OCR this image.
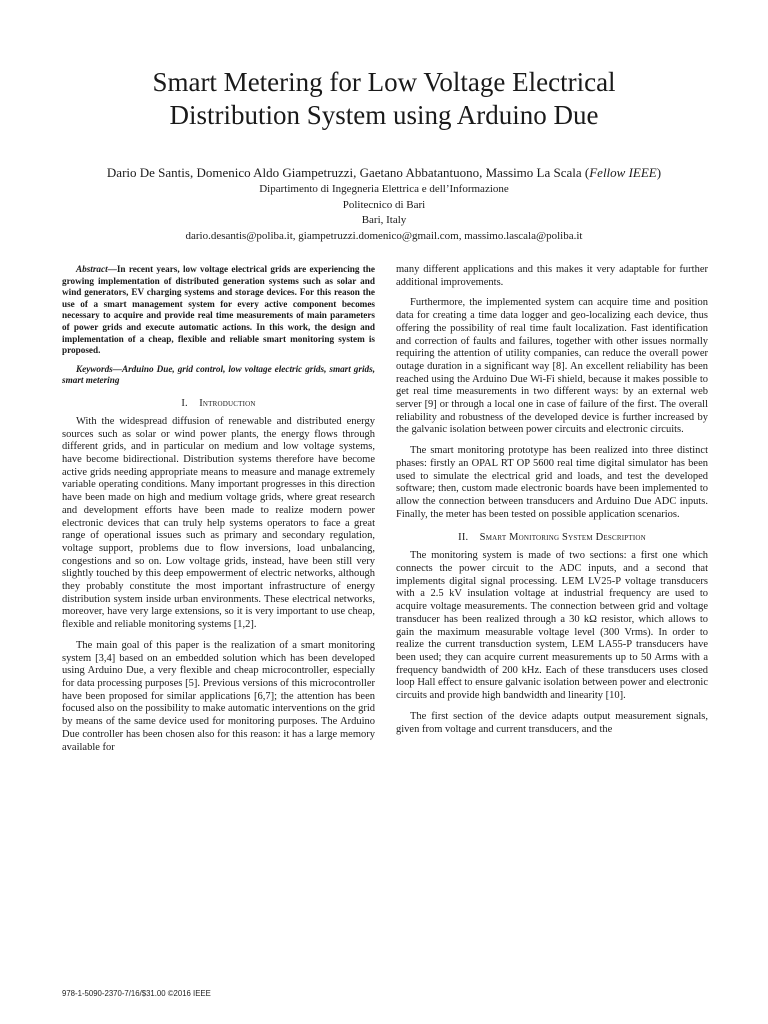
Smart Metering for Low Voltage Electrical
Distribution System using Arduino Due
Dario De Santis, Domenico Aldo Giampetruzzi, Gaetano Abbatantuono, Massimo La Scala (Fellow IEEE)
Dipartimento di Ingegneria Elettrica e dell’Informazione
Politecnico di Bari
Bari, Italy
dario.desantis@poliba.it, giampetruzzi.domenico@gmail.com, massimo.lascala@poliba.it

Abstract—In recent years, low voltage electrical grids are experiencing the growing implementation of distributed generation systems such as solar and wind generators, EV charging systems and storage devices. For this reason the use of a smart management system for every active component becomes necessary to acquire and provide real time measurements of main parameters of power grids and execute automatic actions. In this work, the design and implementation of a cheap, flexible and reliable smart monitoring system is proposed.

Keywords—Arduino Due, grid control, low voltage electric grids, smart grids, smart metering

I. Introduction

With the widespread diffusion of renewable and distributed energy sources such as solar or wind power plants, the energy flows through different grids, and in particular on medium and low voltage systems, have become bidirectional. Distribution systems therefore have become active grids needing appropriate means to measure and manage extremely variable operating conditions. Many important progresses in this direction have been made on high and medium voltage grids, where great research and development efforts have been made to realize modern power electronic devices that can truly help systems operators to face a great range of operational issues such as primary and secondary regulation, voltage support, problems due to flow inversions, load unbalancing, congestions and so on. Low voltage grids, instead, have been still very slightly touched by this deep empowerment of electric networks, although they probably constitute the most important infrastructure of energy distribution system inside urban environments. These electrical networks, moreover, have very large extensions, so it is very important to use cheap, flexible and reliable monitoring systems [1,2].

The main goal of this paper is the realization of a smart monitoring system [3,4] based on an embedded solution which has been developed using Arduino Due, a very flexible and cheap microcontroller, especially for data processing purposes [5]. Previous versions of this microcontroller have been proposed for similar applications [6,7]; the attention has been focused also on the possibility to make automatic interventions on the grid by means of the same device used for monitoring purposes. The Arduino Due controller has been chosen also for this reason: it has a large memory available for

many different applications and this makes it very adaptable for further additional improvements.

Furthermore, the implemented system can acquire time and position data for creating a time data logger and geo-localizing each device, thus offering the possibility of real time fault localization. Fast identification and correction of faults and failures, together with other issues normally requiring the attention of utility companies, can reduce the overall power outage duration in a significant way [8]. An excellent reliability has been reached using the Arduino Due Wi-Fi shield, because it makes possible to get real time measurements in two different ways: by an external web server [9] or through a local one in case of failure of the first. The overall reliability and robustness of the developed device is further increased by the galvanic isolation between power circuits and electronic circuits.

The smart monitoring prototype has been realized into three distinct phases: firstly an OPAL RT OP 5600 real time digital simulator has been used to simulate the electrical grid and loads, and test the developed software; then, custom made electronic boards have been implemented to allow the connection between transducers and Arduino Due ADC inputs. Finally, the meter has been tested on possible application scenarios.

II. Smart Monitoring System Description

The monitoring system is made of two sections: a first one which connects the power circuit to the ADC inputs, and a second that implements digital signal processing. LEM LV25-P voltage transducers with a 2.5 kV insulation voltage at industrial frequency are used to acquire voltage measurements. The connection between grid and voltage transducer has been realized through a 30 kΩ resistor, which allows to gain the maximum measurable voltage level (300 Vrms). In order to realize the current transduction system, LEM LA55-P transducers have been used; they can acquire current measurements up to 50 Arms with a frequency bandwidth of 200 kHz. Each of these transducers uses closed loop Hall effect to ensure galvanic isolation between power and electronic circuits and provide high bandwidth and linearity [10].

The first section of the device adapts output measurement signals, given from voltage and current transducers, and the

978-1-5090-2370-7/16/$31.00 ©2016 IEEE
